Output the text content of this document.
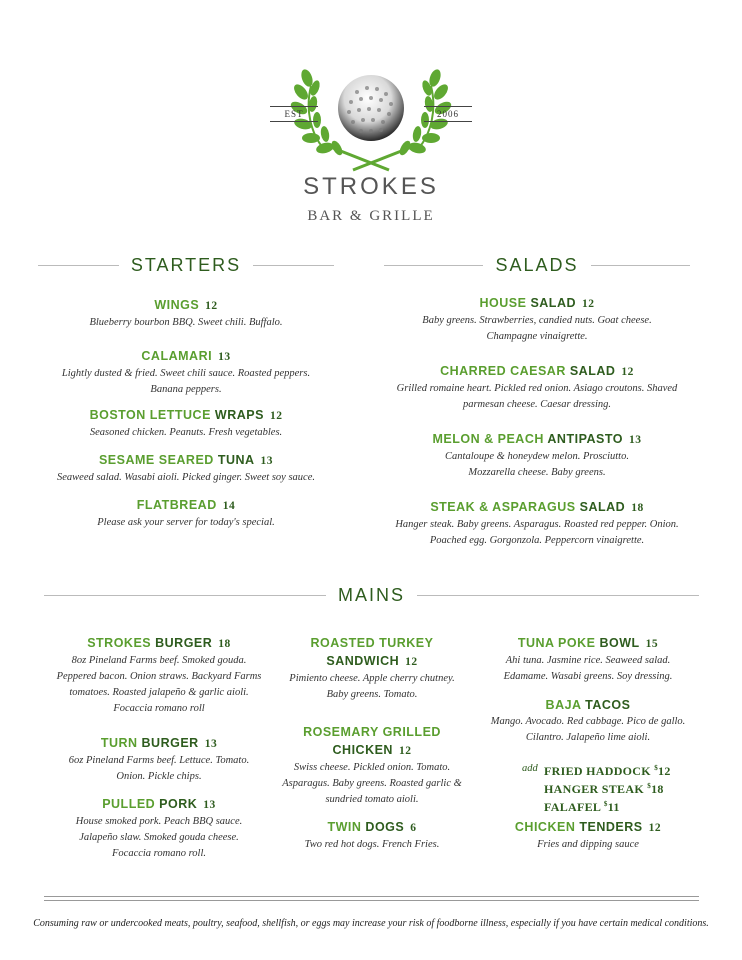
EST	2006
STROKES
BAR & GRILLE
STARTERS	SALADS
MAINS
WINGS 12
Blueberry bourbon BBQ. Sweet chili. Buffalo.
CALAMARI 13
Lightly dusted & fried. Sweet chili sauce. Roasted peppers.
Banana peppers.
BOSTON LETTUCE WRAPS 12
Seasoned chicken. Peanuts. Fresh vegetables.
SESAME SEARED TUNA 13
Seaweed salad. Wasabi aioli. Picked ginger. Sweet soy sauce.
FLATBREAD 14
Please ask your server for today's special.
HOUSE SALAD 12
Baby greens. Strawberries, candied nuts. Goat cheese.
Champagne vinaigrette.
CHARRED CAESAR SALAD 12
Grilled romaine heart. Pickled red onion. Asiago croutons. Shaved
parmesan cheese. Caesar dressing.
MELON & PEACH ANTIPASTO 13
Cantaloupe & honeydew melon. Prosciutto.
Mozzarella cheese. Baby greens.
STEAK & ASPARAGUS SALAD 18
Hanger steak. Baby greens. Asparagus. Roasted red pepper. Onion.
Poached egg. Gorgonzola. Peppercorn vinaigrette.
STROKES BURGER 18
8oz Pineland Farms beef. Smoked gouda.
Peppered bacon. Onion straws. Backyard Farms
tomatoes. Roasted jalapeño & garlic aioli.
Focaccia romano roll
TURN BURGER 13
6oz Pineland Farms beef. Lettuce. Tomato.
Onion. Pickle chips.
PULLED PORK 13
House smoked pork. Peach BBQ sauce.
Jalapeño slaw. Smoked gouda cheese.
Focaccia romano roll.
ROASTED TURKEY
SANDWICH 12
Pimiento cheese. Apple cherry chutney.
Baby greens. Tomato.
ROSEMARY GRILLED
CHICKEN 12
Swiss cheese. Pickled onion. Tomato.
Asparagus. Baby greens. Roasted garlic &
sundried tomato aioli.
TWIN DOGS 6
Two red hot dogs. French Fries.
TUNA POKE BOWL 15
Ahi tuna. Jasmine rice. Seaweed salad.
Edamame. Wasabi greens. Soy dressing.
BAJA TACOS
Mango. Avocado. Red cabbage. Pico de gallo.
Cilantro. Jalapeño lime aioli.
add FRIED HADDOCK $12
HANGER STEAK $18
FALAFEL $11
CHICKEN TENDERS 12
Fries and dipping sauce
Consuming raw or undercooked meats, poultry, seafood, shellfish, or eggs may increase your risk of foodborne illness, especially if you have certain medical conditions.
